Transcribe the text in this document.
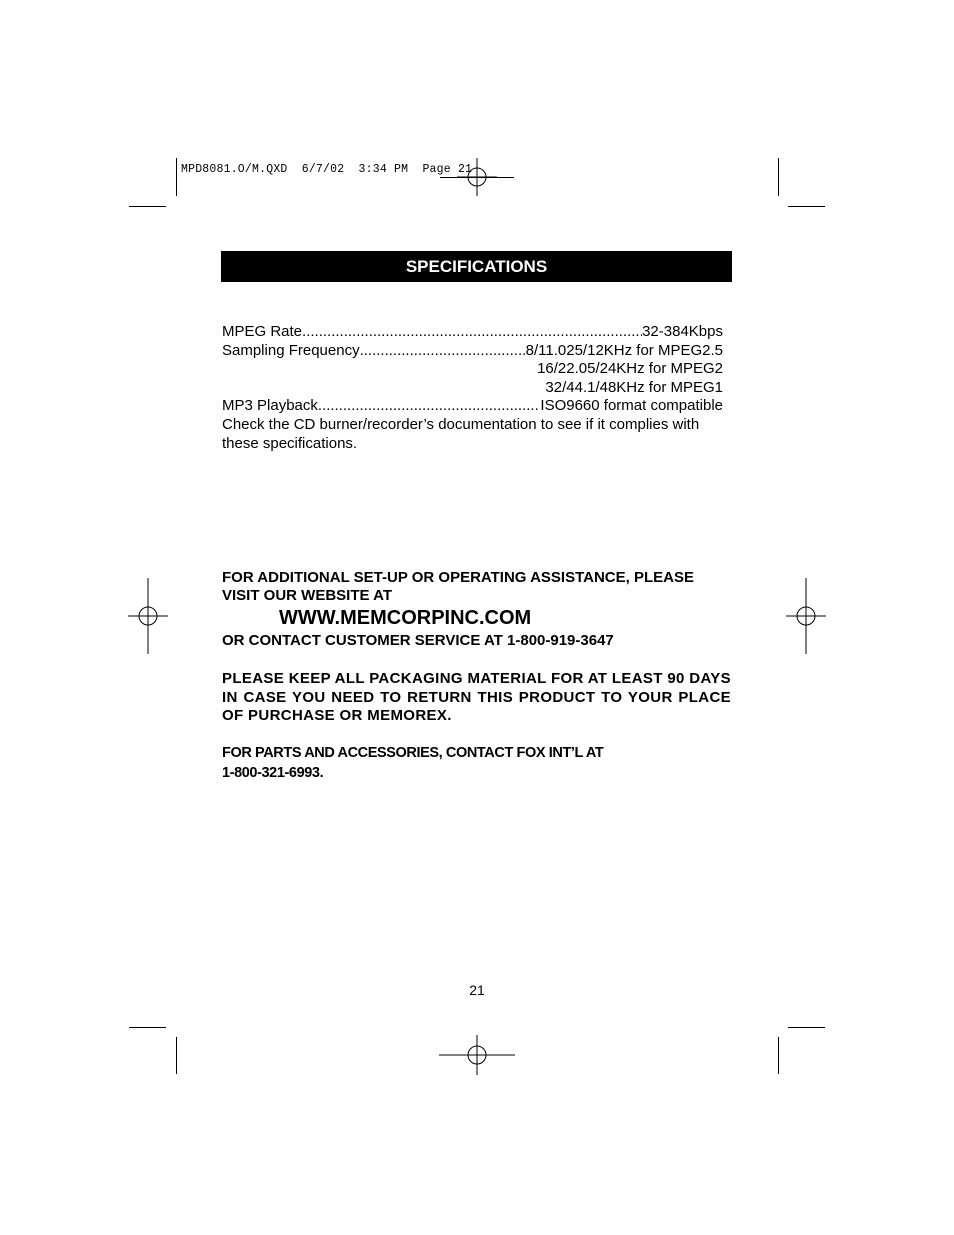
MPD8081.O/M.QXD  6/7/02  3:34 PM  Page 21
SPECIFICATIONS
MPEG Rate .....	32-384Kbps
Sampling Frequency .....	8/11.025/12KHz for MPEG2.5
16/22.05/24KHz for MPEG2
32/44.1/48KHz for MPEG1
MP3 Playback .....	ISO9660 format compatible
Check the CD burner/recorder’s documentation to see if it complies with these specifications.
FOR ADDITIONAL SET-UP OR OPERATING ASSISTANCE, PLEASE
VISIT OUR WEBSITE AT
WWW.MEMCORPINC.COM
OR CONTACT CUSTOMER SERVICE AT 1-800-919-3647
PLEASE KEEP ALL PACKAGING MATERIAL FOR AT LEAST 90 DAYS IN CASE YOU NEED TO RETURN THIS PRODUCT TO YOUR PLACE OF PURCHASE OR MEMOREX.
FOR PARTS AND ACCESSORIES, CONTACT FOX INT’L AT
1-800-321-6993.
21
